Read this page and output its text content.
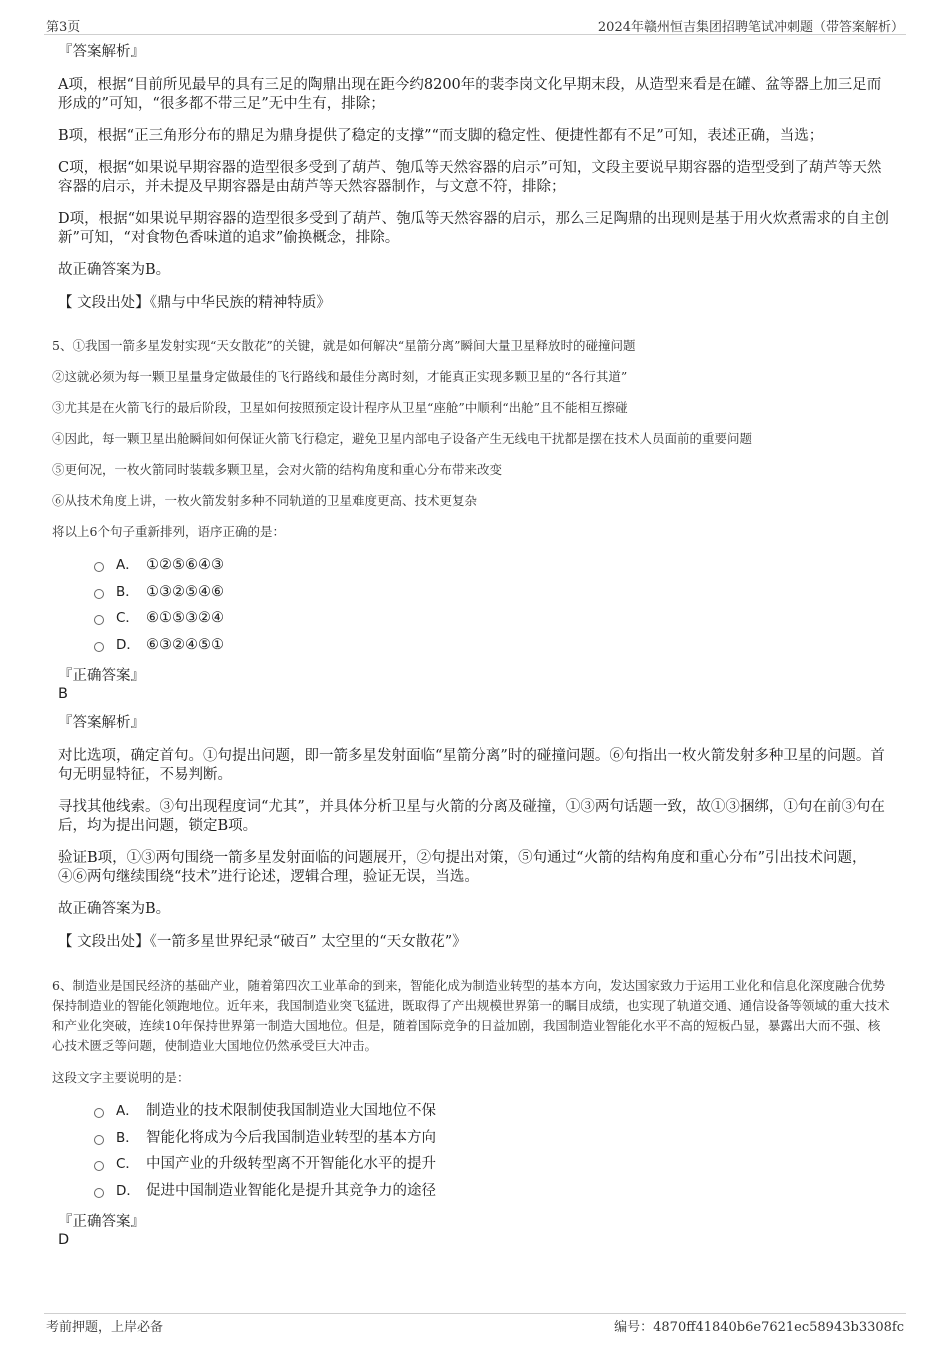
第3页	2024年赣州恒吉集团招聘笔试冲刺题（带答案解析）
『答案解析』

A项，根据“目前所见最早的具有三足的陶鼎出现在距今约8200年的裴李岗文化早期末段，从造型来看是在罐、盆等器上加三足而形成的”可知，“很多都不带三足”无中生有，排除；

B项，根据“正三角形分布的鼎足为鼎身提供了稳定的支撑”“而支脚的稳定性、便捷性都有不足”可知，表述正确，当选；

C项，根据“如果说早期容器的造型很多受到了葫芦、匏瓜等天然容器的启示”可知，文段主要说早期容器的造型受到了葫芦等天然容器的启示，并未提及早期容器是由葫芦等天然容器制作，与文意不符，排除；

D项，根据“如果说早期容器的造型很多受到了葫芦、匏瓜等天然容器的启示，那么三足陶鼎的出现则是基于用火炊煮需求的自主创新”可知，“对食物色香味道的追求”偷换概念，排除。

故正确答案为B。

【 文段出处】《鼎与中华民族的精神特质》

5、①我国一箭多星发射实现“天女散花”的关键，就是如何解决“星箭分离”瞬间大量卫星释放时的碰撞问题

②这就必须为每一颗卫星量身定做最佳的飞行路线和最佳分离时刻，才能真正实现多颗卫星的“各行其道”

③尤其是在火箭飞行的最后阶段，卫星如何按照预定设计程序从卫星“座舱”中顺利“出舱”且不能相互擦碰

④因此，每一颗卫星出舱瞬间如何保证火箭飞行稳定，避免卫星内部电子设备产生无线电干扰都是摆在技术人员面前的重要问题

⑤更何况，一枚火箭同时装载多颗卫星，会对火箭的结构角度和重心分布带来改变

⑥从技术角度上讲，一枚火箭发射多种不同轨道的卫星难度更高、技术更复杂

将以上6个句子重新排列，语序正确的是：

A． ①②⑤⑥④③
B． ①③②⑤④⑥
C． ⑥①⑤③②④
D． ⑥③②④⑤①
『正确答案』
B
『答案解析』

对比选项，确定首句。①句提出问题，即一箭多星发射面临“星箭分离”时的碰撞问题。⑥句指出一枚火箭发射多种卫星的问题。首句无明显特征，不易判断。

寻找其他线索。③句出现程度词“尤其”，并具体分析卫星与火箭的分离及碰撞，①③两句话题一致，故①③捆绑，①句在前③句在后，均为提出问题，锁定B项。

验证B项，①③两句围绕一箭多星发射面临的问题展开，②句提出对策，⑤句通过“火箭的结构角度和重心分布”引出技术问题，④⑥两句继续围绕“技术”进行论述，逻辑合理，验证无误，当选。

故正确答案为B。

【 文段出处】《一箭多星世界纪录“破百” 太空里的“天女散花”》

6、制造业是国民经济的基础产业，随着第四次工业革命的到来，智能化成为制造业转型的基本方向，发达国家致力于运用工业化和信息化深度融合优势保持制造业的智能化领跑地位。近年来，我国制造业突飞猛进，既取得了产出规模世界第一的瞩目成绩，也实现了轨道交通、通信设备等领域的重大技术和产业化突破，连续10年保持世界第一制造大国地位。但是，随着国际竞争的日益加剧，我国制造业智能化水平不高的短板凸显，暴露出大而不强、核心技术匮乏等问题，使制造业大国地位仍然承受巨大冲击。

这段文字主要说明的是：

A． 制造业的技术限制使我国制造业大国地位不保
B． 智能化将成为今后我国制造业转型的基本方向
C． 中国产业的升级转型离不开智能化水平的提升
D． 促进中国制造业智能化是提升其竞争力的途径
『正确答案』
D
考前押题，上岸必备	编号：4870ff41840b6e7621ec58943b3308fc
